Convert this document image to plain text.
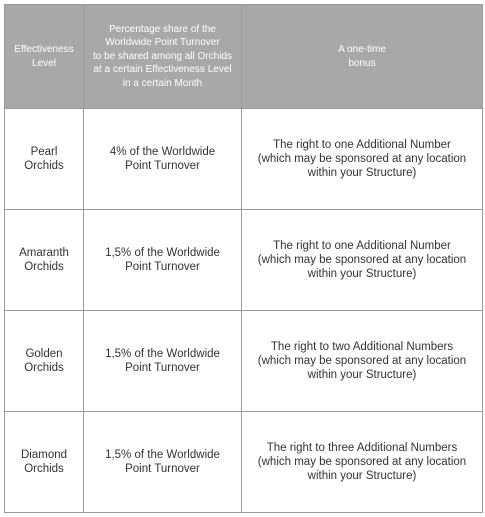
Effectiveness
Level	Percentage share of the
Worldwide Point Turnover
to be shared among all Orchids
at a certain Effectiveness Level
in a certain Month	A one-time
bonus
Pearl
Orchids	4% of the Worldwide
Point Turnover	The right to one Additional Number
(which may be sponsored at any location
within your Structure)
Amaranth
Orchids	1,5% of the Worldwide
Point Turnover	The right to one Additional Number
(which may be sponsored at any location
within your Structure)
Golden
Orchids	1,5% of the Worldwide
Point Turnover	The right to two Additional Numbers
(which may be sponsored at any location
within your Structure)
Diamond
Orchids	1,5% of the Worldwide
Point Turnover	The right to three Additional Numbers
(which may be sponsored at any location
within your Structure)
